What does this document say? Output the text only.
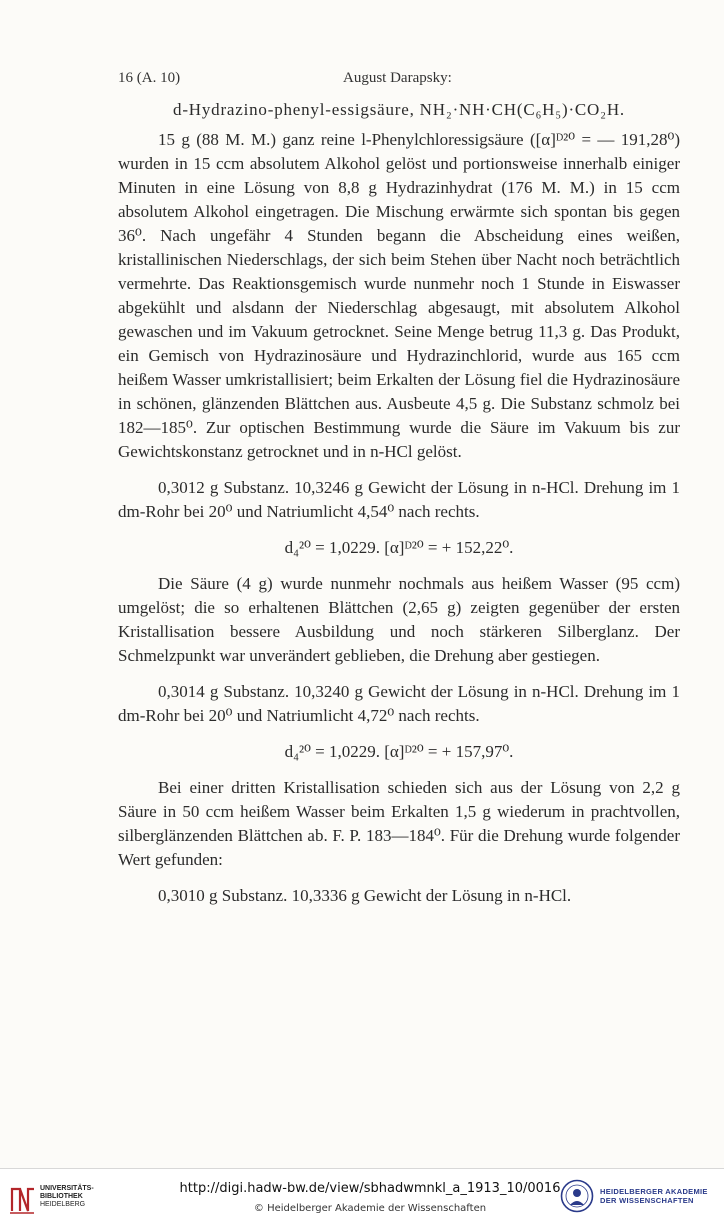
16 (A. 10)	August Darapsky:
d-Hydrazino-phenyl-essigsäure, NH₂·NH·CH(C₆H₅)·CO₂H.

15 g (88 M. M.) ganz reine l-Phenylchloressigsäure ([α]ᴰ²⁰ = — 191,28⁰) wurden in 15 ccm absolutem Alkohol gelöst und portionsweise innerhalb einiger Minuten in eine Lösung von 8,8 g Hydrazinhydrat (176 M. M.) in 15 ccm absolutem Alkohol eingetragen. Die Mischung erwärmte sich spontan bis gegen 36⁰. Nach ungefähr 4 Stunden begann die Abscheidung eines weißen, kristallinischen Niederschlags, der sich beim Stehen über Nacht noch beträchtlich vermehrte. Das Reaktionsgemisch wurde nunmehr noch 1 Stunde in Eiswasser abgekühlt und alsdann der Niederschlag abgesaugt, mit absolutem Alkohol gewaschen und im Vakuum getrocknet. Seine Menge betrug 11,3 g. Das Produkt, ein Gemisch von Hydrazinosäure und Hydrazinchlorid, wurde aus 165 ccm heißem Wasser umkristallisiert; beim Erkalten der Lösung fiel die Hydrazinosäure in schönen, glänzenden Blättchen aus. Ausbeute 4,5 g. Die Substanz schmolz bei 182—185⁰. Zur optischen Bestimmung wurde die Säure im Vakuum bis zur Gewichtskonstanz getrocknet und in n-HCl gelöst.

0,3012 g Substanz. 10,3246 g Gewicht der Lösung in n-HCl. Drehung im 1 dm-Rohr bei 20⁰ und Natriumlicht 4,54⁰ nach rechts.

d₄²⁰ = 1,0229. [α]ᴰ²⁰ = + 152,22⁰.

Die Säure (4 g) wurde nunmehr nochmals aus heißem Wasser (95 ccm) umgelöst; die so erhaltenen Blättchen (2,65 g) zeigten gegenüber der ersten Kristallisation bessere Ausbildung und noch stärkeren Silberglanz. Der Schmelzpunkt war unverändert geblieben, die Drehung aber gestiegen.

0,3014 g Substanz. 10,3240 g Gewicht der Lösung in n-HCl. Drehung im 1 dm-Rohr bei 20⁰ und Natriumlicht 4,72⁰ nach rechts.

d₄²⁰ = 1,0229. [α]ᴰ²⁰ = + 157,97⁰.

Bei einer dritten Kristallisation schieden sich aus der Lösung von 2,2 g Säure in 50 ccm heißem Wasser beim Erkalten 1,5 g wiederum in prachtvollen, silberglänzenden Blättchen ab. F. P. 183—184⁰. Für die Drehung wurde folgender Wert gefunden:

0,3010 g Substanz. 10,3336 g Gewicht der Lösung in n-HCl.

UNIVERSITÄTS-
BIBLIOTHEK
HEIDELBERG
http://digi.hadw-bw.de/view/sbhadwmnkl_a_1913_10/0016
© Heidelberger Akademie der Wissenschaften
HEIDELBERGER AKADEMIE
DER WISSENSCHAFTEN
